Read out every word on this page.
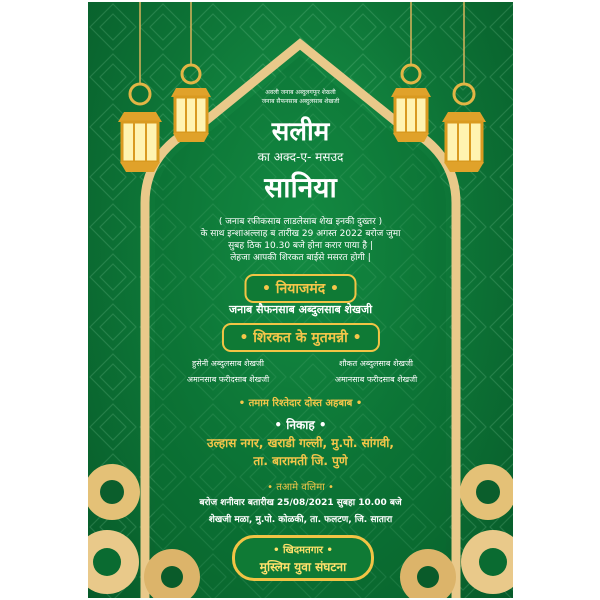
अवली जनाब अब्दुलगफूर शेख्जी
जनाब सैफनसाब अब्दुलसाब शेखजी
सलीम
का अक्द-ए- मसउद
सानिया
( जनाब रफीकसाब लाडलेसाब शेख इनकी दुख्तर )
के साथ इन्शाअल्लाह ब तारीख 29 अगस्त 2022 बरोज जुमा
सुबह ठिक 10.30 बजे होना करार पाया है |
लेहजा आपकी शिरकत बाईसे मसरत होगी |
• नियाजमंद •
जनाब सैफनसाब अब्दुलसाब शेखजी
• शिरकत के मुतमन्नी •
हुसेनी अब्दुलसाब शेखजी	शौकत अब्दुलसाब शेखजी
अमानसाब फरीदसाब शेखजी	अमानसाब फरीदसाब शेखजी
• तमाम रिश्तेदार दोस्त अहबाब •
• निकाह •
उल्हास नगर, खराडी गल्ली, मु.पो. सांगवी,
ता. बारामती जि. पुणे
• तआमे वलिमा •
बरोज शनीवार बतारीख 25/08/2021 सुबहा 10.00 बजे
शेखजी मळा, मु.पो. कोळकी, ता. फलटण, जि. सातारा
• खिदमतगार •
मुस्लिम युवा संघटना
